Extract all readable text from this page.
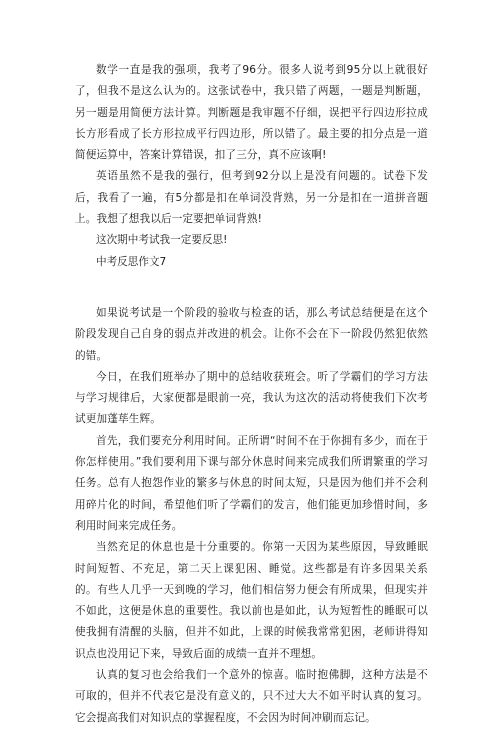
数学一直是我的强项，我考了96分。很多人说考到95分以上就很好了，但我不是这么认为的。这张试卷中，我只错了两题，一题是判断题，另一题是用简便方法计算。判断题是我审题不仔细，误把平行四边形拉成长方形看成了长方形拉成平行四边形，所以错了。最主要的扣分点是一道简便运算中，答案计算错误，扣了三分，真不应该啊!

英语虽然不是我的强行，但考到92分以上是没有问题的。试卷下发后，我看了一遍，有5分都是扣在单词没背熟，另一分是扣在一道拼音题上。我想了想我以后一定要把单词背熟!

这次期中考试我一定要反思!

中考反思作文7

如果说考试是一个阶段的验收与检查的话，那么考试总结便是在这个阶段发现自己自身的弱点并改进的机会。让你不会在下一阶段仍然犯依然的错。

今日，在我们班举办了期中的总结收获班会。听了学霸们的学习方法与学习规律后，大家便都是眼前一亮，我认为这次的活动将使我们下次考试更加蓬荜生辉。

首先，我们要充分利用时间。正所谓“时间不在于你拥有多少，而在于你怎样使用。”我们要利用下课与部分休息时间来完成我们所谓繁重的学习任务。总有人抱怨作业的繁多与休息的时间太短，只是因为他们并不会利用碎片化的时间，希望他们听了学霸们的发言，他们能更加珍惜时间，多利用时间来完成任务。

当然充足的休息也是十分重要的。你第一天因为某些原因，导致睡眠时间短暂、不充足，第二天上课犯困、睡觉。这些都是有许多因果关系的。有些人几乎一天到晚的学习，他们相信努力便会有所成果，但现实并不如此，这便是休息的重要性。我以前也是如此，认为短暂性的睡眠可以使我拥有清醒的头脑，但并不如此，上课的时候我常常犯困，老师讲得知识点也没用记下来，导致后面的成绩一直并不理想。

认真的复习也会给我们一个意外的惊喜。临时抱佛脚，这种方法是不可取的，但并不代表它是没有意义的，只不过大大不如平时认真的复习。它会提高我们对知识点的掌握程度，不会因为时间冲刷而忘记。
